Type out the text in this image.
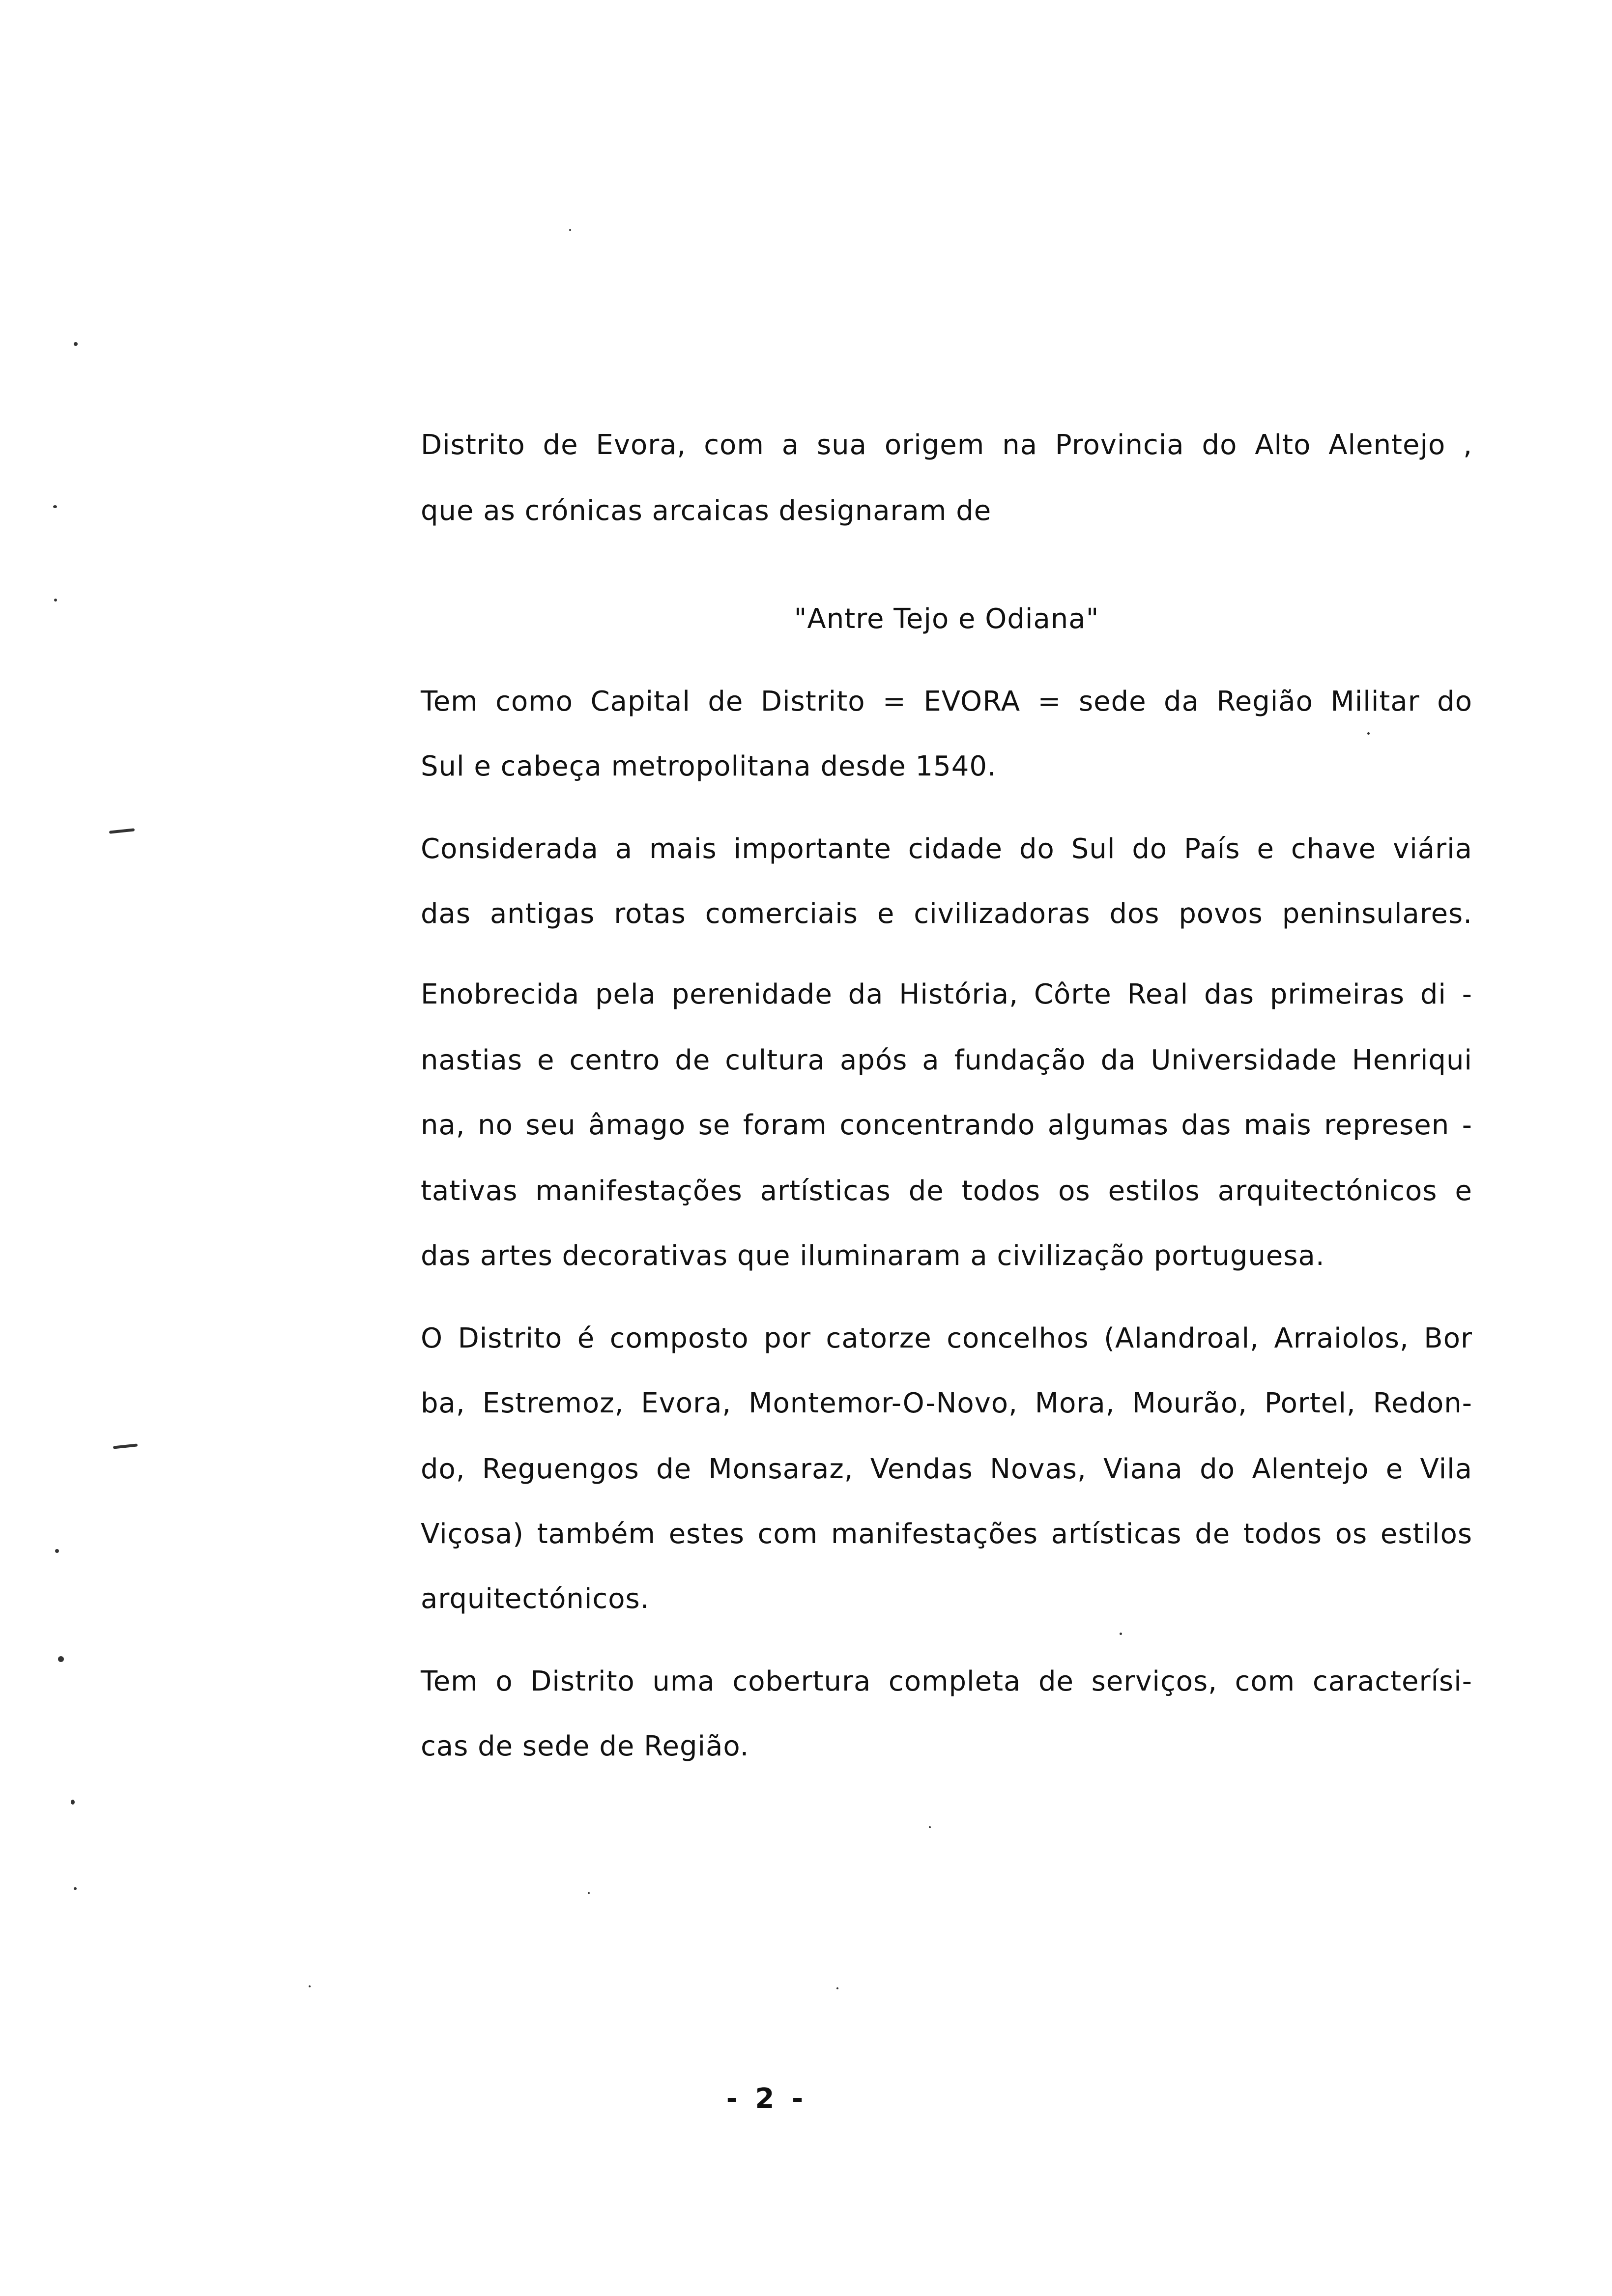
Distrito de Evora, com a sua origem na Provincia do Alto Alentejo ,
que as crónicas arcaicas designaram de
"Antre Tejo e Odiana"
Tem como Capital de Distrito = EVORA = sede da Região Militar do
Sul e cabeça metropolitana desde 1540.
Considerada a mais importante cidade do Sul do País e chave viária
das antigas rotas comerciais e civilizadoras dos povos peninsulares.
Enobrecida pela perenidade da História, Côrte Real das primeiras di -
nastias e centro de cultura após a fundação da Universidade Henriqui
na, no seu âmago se foram concentrando algumas das mais represen -
tativas manifestações artísticas de todos os estilos arquitectónicos e
das artes decorativas que iluminaram a civilização portuguesa.
O Distrito é composto por catorze concelhos (Alandroal, Arraiolos, Bor
ba, Estremoz, Evora, Montemor-O-Novo, Mora, Mourão, Portel, Redon-
do, Reguengos de Monsaraz, Vendas Novas, Viana do Alentejo e Vila
Viçosa) também estes com manifestações artísticas de todos os estilos
arquitectónicos.
Tem o Distrito uma cobertura completa de serviços, com caracterísi-
cas de sede de Região.
- 2 -
